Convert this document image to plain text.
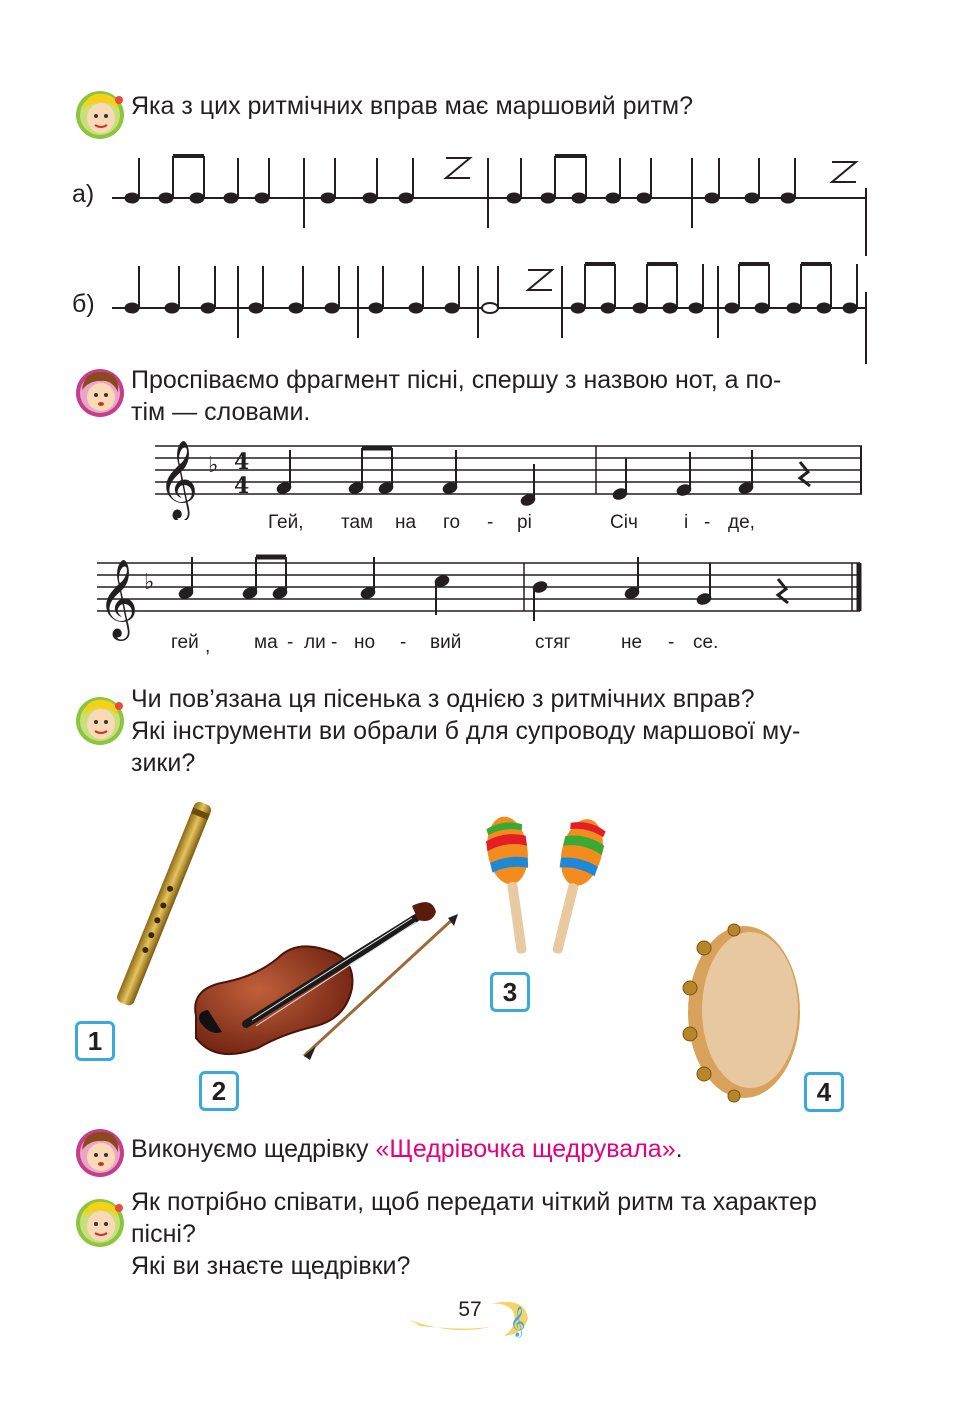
Яка з цих ритмічних вправ має маршовий ритм?
а)
б)
Проспіваємо фрагмент пісні, спершу з назвою нот, а по-
тім — словами.
𝄞 ♭ 4
4
Гей, там на го - рі	Січ і - де,
𝄞 ♭
гей , ма - ли - но - вий	стяг	не - се.
Чи пов’язана ця пісенька з однією з ритмічних вправ?
Які інструменти ви обрали б для супроводу маршової му-
зики?
1
2
3
4
Виконуємо щедрівку «Щедрівочка щедрувала».
Як потрібно співати, щоб передати чіткий ритм та характер
пісні?
Які ви знаєте щедрівки?
𝄞
57
